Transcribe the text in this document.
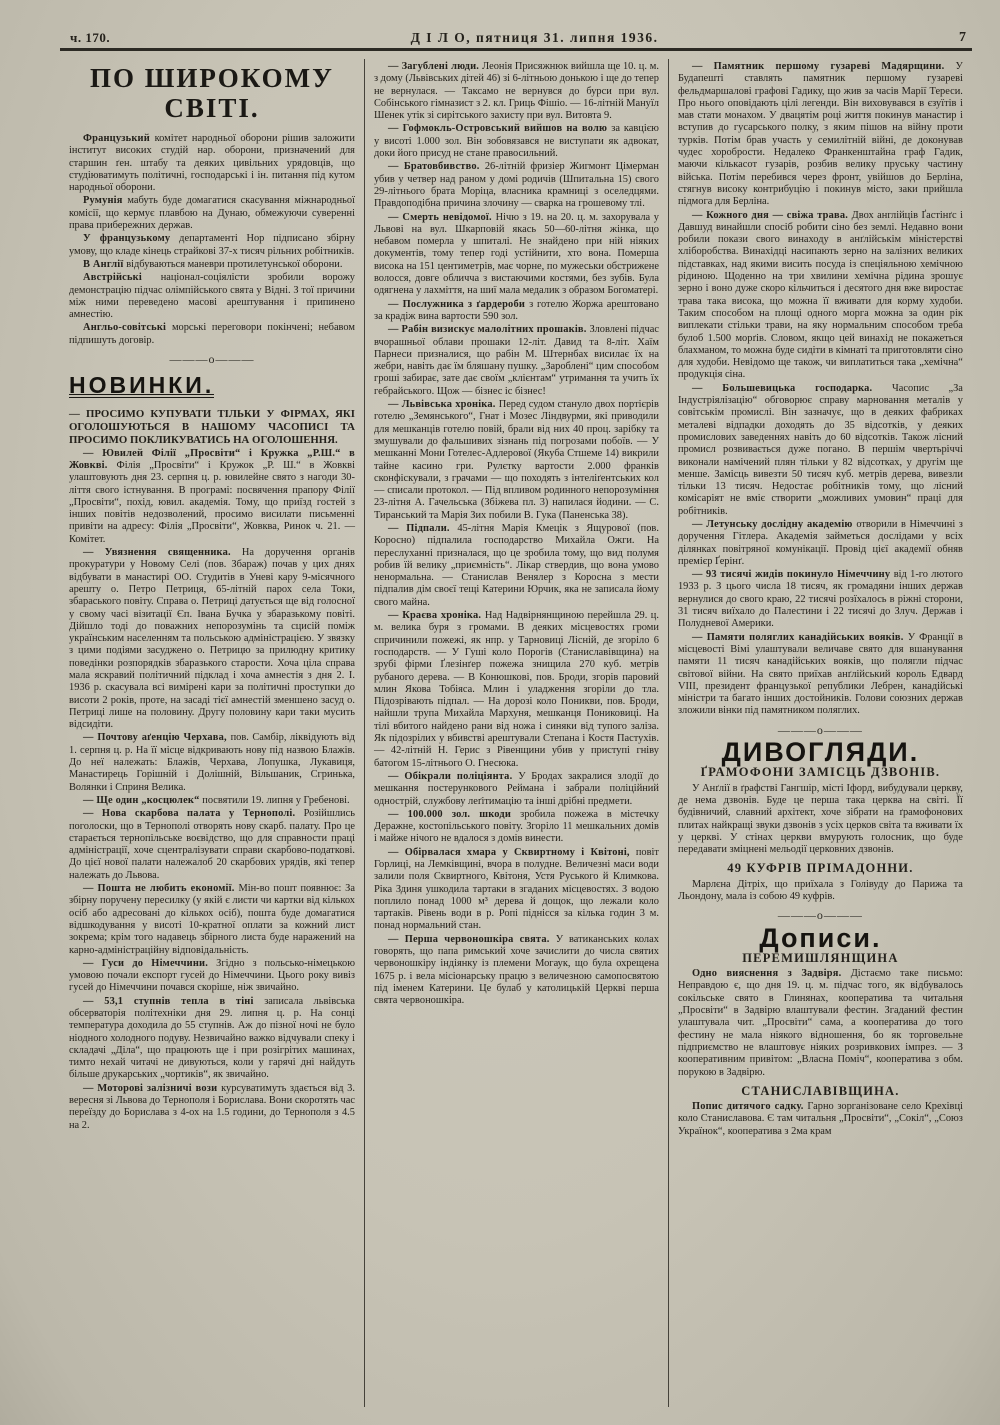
ч. 170.	Д І Л О, пятниця 31. липня 1936.	7
ПО ШИРОКОМУ СВІТІ.

Французький комітет народньої оборони рішив заложити інститут високих студій нар. оборони, призначений для старшин ґен. штабу та деяких цивільних урядовців, що студіюватимуть політичні, господарські і ін. питання під кутом народньої оборони.

Румунія мабуть буде домагатися скасування міжнародньої комісії, що кермує плавбою на Дунаю, обмежуючи суверенні права прибережних держав.

У французькому департаменті Нор підписано збірну умову, що кладе кінець страйкові 37-х тисяч рільних робітників.

В Англії відбуваються маневри протилетунської оборони.

Австрійські націонал-соціялісти зробили ворожу демонстрацію підчас олімпійського свята у Відні. З тої причини між ними переведено масові арештування і припинено амнестію.

Англьо-совітські морські переговори покінчені; небавом підпишуть договір.

———о———
НОВИНКИ.

— ПРОСИМО КУПУВАТИ ТІЛЬКИ У ФІРМАХ, ЯКІ ОГОЛОШУЮТЬСЯ В НАШОМУ ЧАСОПИСІ ТА ПРОСИМО ПОКЛИКУВАТИСЬ НА ОГОЛОШЕННЯ.

— Ювилей Філії „Просвіти“ і Кружка „Р.Ш.“ в Жовкві. Філія „Просвіти“ і Кружок „Р. Ш.“ в Жовкві улаштовують дня 23. серпня ц. р. ювилейне свято з нагоди 30-ліття свого істнування. В програмі: посвячення прапору Філії „Просвіти“, похід, ювил. академія. Тому, що приїзд гостей з інших повітів недозволений, просимо висилати письменні привіти на адресу: Філія „Просвіти“, Жовква, Ринок ч. 21. — Комітет.

— Увязнення священника. На доручення органів прокуратури у Новому Селі (пов. Збараж) почав у цих днях відбувати в манастирі ОО. Студитів в Уневі кару 9-місячного арешту о. Петро Петриця, 65-літній парох села Токи, збараського повіту. Справа о. Петриці датується ще від голосної у свому часі візитації Єп. Івана Бучка у збаразькому повіті. Дійшло тоді до поважних непорозумінь та сцисій поміж українським населенням та польською адміністрацією. У звязку з цими подіями засуджено о. Петрицю за прилюдну критику поведінки розпорядків збаразького старости. Хоча ціла справа мала яскравий політичний підклад і хоча амнестія з дня 2. І. 1936 р. скасувала всі вимірені кари за політичні проступки до висоти 2 років, проте, на засаді тієї амнестій зменшено засуд о. Петриці лише на половину. Другу половину кари таки мусить відсидіти.

— Почтову аґенцію Черхава, пов. Самбір, ліквідують від 1. серпня ц. р. На її місце відкривають нову під назвою Блажів. До неї належать: Блажів, Черхава, Лопушка, Лукавиця, Манастирець Горішній і Долішній, Вільшаник, Сгринька, Волянки і Сприня Велика.

— Ще один „косцюлек“ посвятили 19. липня у Гребенові.

— Нова скарбова палата у Тернополі. Розійшлись поголоски, що в Тернополі отворять нову скарб. палату. Про це старається тернопільське воєвідство, що для справности праці адміністрації, хоче сцентралізувати справи скарбово-податкові. До цієї нової палати належалоб 20 скарбових урядів, які тепер належать до Львова.

— Пошта не любить економії. Мін-во пошт появнює: За збірну поручену пересилку (у якій є листи чи картки від кількох осіб або адресовані до кількох осіб), пошта буде домагатися відшкодування у висоті 10-кратної оплати за кожний лист зокрема; крім того надавець збірного листа буде наражений на карно-адміністраційну відповідальність.

— Гуси до Німеччини. Згідно з польсько-німецькою умовою почали експорт гусей до Німеччини. Цього року вивіз гусей до Німеччини почався скоріше, ніж звичайно.

— 53,1 ступнів тепла в тіні записала львівська обсерваторія політехніки дня 29. липня ц. р. На сонці температура доходила до 55 ступнів. Аж до пізної ночі не було ніодного холодного подуву. Незвичайно важко відчували спеку і складачі „Діла“, що працюють ще і при розігрітих машинах, тимто нехай читачі не дивуються, коли у гарячі дні найдуть більше друкарських „чортиків“, як звичайно.

— Моторові залізничі вози курсуватимуть здається від 3. вересня зі Львова до Тернополя і Борислава. Вони скоротять час переїзду до Борислава з 4-ох на 1.5 години, до Тернополя з 4.5 на 2.

— Загублені люди. Леонія Присяжнюк вийшла ще 10. ц. м. з дому (Львівських дітей 46) зі 6-літньою донькою і ще до тепер не вернулася. — Таксамо не вернувся до бурси при вул. Собінського гімназист з 2. кл. Гриць Фішіо. — 16-літній Мануїл Шенек утік зі сирітського захисту при вул. Витовта 9.

— Гофмокль-Островський вийшов на волю за кавцією у висоті 1.000 зол. Він зобовязався не виступати як адвокат, доки його присуд не стане правосильний.

— Братовбивство. 26-літній фризіер Жигмонт Цімерман убив у четвер над раном у домі родичів (Шпитальна 15) свого 29-літнього брата Моріца, власника крамниці з оселедцями. Правдоподібна причина злочину — сварка на грошевому тлі.

— Смерть невідомої. Нічю з 19. на 20. ц. м. захорувала у Львові на вул. Шкарповій якась 50—60-літня жінка, що небавом померла у шпиталі. Не знайдено при ній ніяких документів, тому тепер годі устійнити, хто вона. Померша висока на 151 центиметрів, має чорне, по мужеськи обстрижене волосся, довге обличча з вистаючими костями, без зубів. Була одягнена у лахміття, на шиї мала медалик з образом Богоматері.

— Послужника з ґардероби з готелю Жоржа арештовано за крадіж вина вартости 590 зол.

— Рабін визискує малолітних прошаків. Зловлені підчас вчорашньої облави прошаки 12-літ. Давид та 8-літ. Хаїм Парнеси призналися, що рабін М. Штернбах висилає їх на жебри, навіть дає їм бляшану пушку. „Зароблені“ цим способом гроші забирає, зате дає своїм „клієнтам“ утримання та учить їх гебрайського. Щож — бізнес іс бізнес!

— Львівська хроніка. Перед судом стануло двох портієрів готелю „Земянського“, Гнат і Мозес Ліндвурми, які приводили для мешканців готелю повій, брали від них 40 проц. зарібку та змушували до фальшивих зізнань під погрозами побоїв. — У мешканні Мони Готелес-Адлерової (Якуба Стшеме 14) викрили тайне касино гри. Рулєтку вартости 2.000 франків сконфіскували, з грачами — що походять з інтеліґентських кол — списали протокол. — Під впливом родинного непорозуміння 23-літня А. Гачельська (Збіжева пл. 3) напилася йодини. — С. Тиранський та Марія Зих побили В. Гука (Паненська 38).

— Підпали. 45-літня Марія Кмецік з Ящурової (пов. Коросно) підпалила господарство Михайла Ожги. На переслуханні призналася, що це зробила тому, що вид полумя робив їй велику „приємність“. Лікар ствердив, що вона умово ненормальна. — Станислав Венялер з Коросна з мести підпалив дім своєї тещі Катерини Юрчик, яка не записала йому свого майна.

— Краєва хроніка. Над Надвірнянщиною перейшла 29. ц. м. велика буря з громами. В деяких місцевостях громи спричинили пожежі, як нпр. у Тарновиці Лісній, де згоріло 6 господарств. — У Гуші коло Порогів (Станиславівщина) на зрубі фірми Ґлезінґер пожежа знищила 270 куб. метрів рубаного дерева. — В Конюшкові, пов. Броди, згорів паровий млин Якова Тобіяса. Млин і уладження згоріли до тла. Підозрівають підпал. — На дорозі коло Поникви, пов. Броди, найшли трупа Михайла Мархуня, мешканця Пониковиці. На тілі вбитого найдено рани від ножа і синяки від тупого заліза. Як підозрілих у вбивстві арештували Степана і Костя Пастухів. — 42-літній Н. Герис з Рівенщини убив у приступі гніву батогом 15-літнього О. Гнесюка.

— Обікрали поліціянта. У Бродах закралися злодії до мешкання постерункового Реймана і забрали поліційний однострій, службову леґітимацію та інші дрібні предмети.

— 100.000 зол. шкоди зробила пожежа в містечку Деражне, костопільського повіту. Згоріло 11 мешкальних домів і майже нічого не вдалося з домів винести.

— Обірвалася хмара у Сквиртному і Квітоні, повіт Горлиці, на Лемківщині, вчора в полудне. Величезні маси води залили поля Сквиртного, Квітоня, Устя Руського й Климкова. Ріка Здиня ушкодила тартаки в згаданих місцевостях. З водою поплило понад 1000 м³ дерева й дощок, що лежали коло тартаків. Рівень води в р. Ропі піднісся за кілька годин 3 м. понад нормальний стан.

— Перша червоношкіра свята. У ватиканських колах говорять, що папа римський хоче зачислити до числа святих червоношкіру індіянку із племени Могаук, що була охрещена 1675 р. і вела місіонарську працю з величезною самопосвятою під іменем Катерини. Це булаб у католицькій Церкві перша свята червоношкіра.

— Памятник першому гузареві Мадярщини. У Будапешті ставлять памятник першому гузареві фельдмаршалові графові Гадику, що жив за часів Марії Тереси. Про нього оповідають цілі легенди. Він виховувався в єзуїтів і мав стати монахом. У двацятім році життя покинув манастир і вступив до гусарського полку, з яким пішов на війну проти турків. Потім брав участь у семилітній війні, де доконував чудес хоробрости. Недалеко Франкенштайна граф Гадик, маючи кількасот гузарів, розбив велику пруську частину війська. Потім перебився через фронт, увійшов до Берліна, стягнув високу контрибуцію і покинув місто, заки прийшла підмога для Берліна.

— Кожного дня — свіжа трава. Двох англійців Ґастінґс і Давшуд винайшли спосіб робити сіно без землі. Недавно вони робили покази свого винаходу в анґлійськім міністерстві хліборобства. Винахідці насипають зерно на залізних великих підставках, над якими висить посуда із спеціяльною хемічною рідиною. Щоденно на три хвилини хемічна рідина зрошує зерно і воно дуже скоро кільчиться і десятого дня вже виростає трава така висока, що можна її вживати для корму худоби. Таким способом на площі одного морга можна за один рік виплекати стільки трави, на яку нормальним способом треба булоб 1.500 морґів. Словом, якщо цей винахід не покажеться блахманом, то можна буде сидіти в кімнаті та приготовляти сіно для худоби. Невідомо ще також, чи виплатиться така „хемічна“ продукція сіна.

— Большевицька господарка. Часопис „За Індустріялізацію“ обговорює справу марновання металів у совітськім промислі. Він зазначує, що в деяких фабриках металеві відпадки доходять до 35 відсотків, у деяких промислових заведеннях навіть до 60 відсотків. Також лісний промисл розвивається дуже погано. В першім чвертьріччі виконали намічений плян тільки у 82 відсотках, у другім ще менше. Замісць вивезти 50 тисяч куб. метрів дерева, вивезли тільки 13 тисяч. Недостає робітників тому, що лісний комісаріят не вміє створити „можливих умовин“ праці для робітників.

— Летунську дослідну академію отворили в Німеччині з доручення Гітлера. Академія займеться дослідами у всіх ділянках повітряної комунікації. Провід цієї академії обняв премієр Ґерінґ.

— 93 тисячі жидів покинуло Німеччину від 1-го лютого 1933 р. З цього числа 18 тисяч, як громадяни інших держав вернулися до свого краю, 22 тисячі розїхалось в ріжні сторони, 31 тисяч виїхало до Палестини і 22 тисячі до Злуч. Держав і Полудневої Америки.

— Памяти поляглих канадійських вояків. У Франції в місцевості Вімі улаштували величаве свято для вшанування памяти 11 тисяч канадійських вояків, що полягли підчас світової війни. На свято приїхав анґлійський король Едвард VIII, президент французької републики Лебрен, канадійські міністри та багато інших достойників. Голови союзних держав зложили вінки під памятником поляглих.

———о———
ДИВОГЛЯДИ.
ҐРАМОФОНИ ЗАМІСЦЬ ДЗВОНІВ.

У Анґлії в ґрафстві Гангшір, місті Іфорд, вибудували церкву, де нема дзвонів. Буде це перша така церква на світі. Її будівничий, славний архітект, хоче зібрати на ґрамофонових плитах найкращі звуки дзвонів з усіх церков світа та вживати їх у церкві. У стінах церкви вмурують голосник, що буде передавати зміцнені мельодії церковних дзвонів.

49 КУФРІВ ПРІМАДОННИ.

Марлєна Дітріх, що приїхала з Голівуду до Парижа та Льондону, мала із собою 49 куфрів.

———о———
Дописи.
ПЕРЕМИШЛЯНЩИНА

Одно вияснення з Задвіря. Дістаємо таке письмо: Неправдою є, що дня 19. ц. м. підчас того, як відбувалось сокільське свято в Глинянах, кооператива та читальня „Просвіти“ в Задвірю влаштували фестин. Згаданий фестин улаштувала чит. „Просвіти“ сама, а кооператива до того фестину не мала ніякого відношення, бо як торговельне підприємство не влаштовує ніяких розривкових імпрез. — З кооперативним привітом: „Власна Поміч“, кооператива з обм. порукою в Задвірю.

СТАНИСЛАВІВЩИНА.

Попис дитячого садку. Гарно зорганізоване село Крехівці коло Станиславова. Є там читальня „Просвіти“, „Сокіл“, „Союз Українок“, кооператива з 2ма крам
